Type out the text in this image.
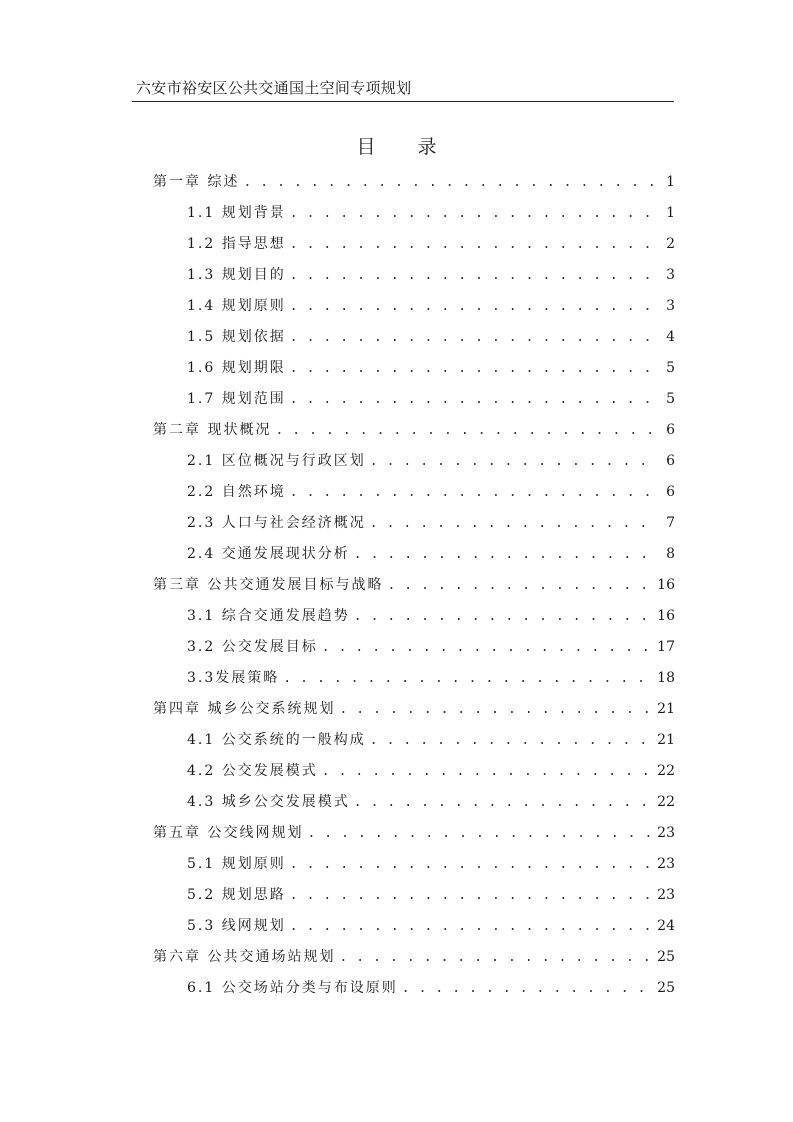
六安市裕安区公共交通国土空间专项规划
目 录
第一章 综述 . . .	1
1.1 规划背景 . . .	1
1.2 指导思想 . . .	2
1.3 规划目的 . . .	3
1.4 规划原则 . . .	3
1.5 规划依据 . . .	4
1.6 规划期限 . . .	5
1.7 规划范围 . . .	5
第二章 现状概况 . . .	6
2.1 区位概况与行政区划 . . .	6
2.2 自然环境 . . .	6
2.3 人口与社会经济概况 . . .	7
2.4 交通发展现状分析 . . .	8
第三章 公共交通发展目标与战略 . . .	16
3.1 综合交通发展趋势 . . .	16
3.2 公交发展目标 . . .	17
3.3发展策略 . . .	18
第四章 城乡公交系统规划 . . .	21
4.1 公交系统的一般构成 . . .	21
4.2 公交发展模式 . . .	22
4.3 城乡公交发展模式 . . .	22
第五章 公交线网规划 . . .	23
5.1 规划原则 . . .	23
5.2 规划思路 . . .	23
5.3 线网规划 . . .	24
第六章 公共交通场站规划 . . .	25
6.1 公交场站分类与布设原则 . . .	25
